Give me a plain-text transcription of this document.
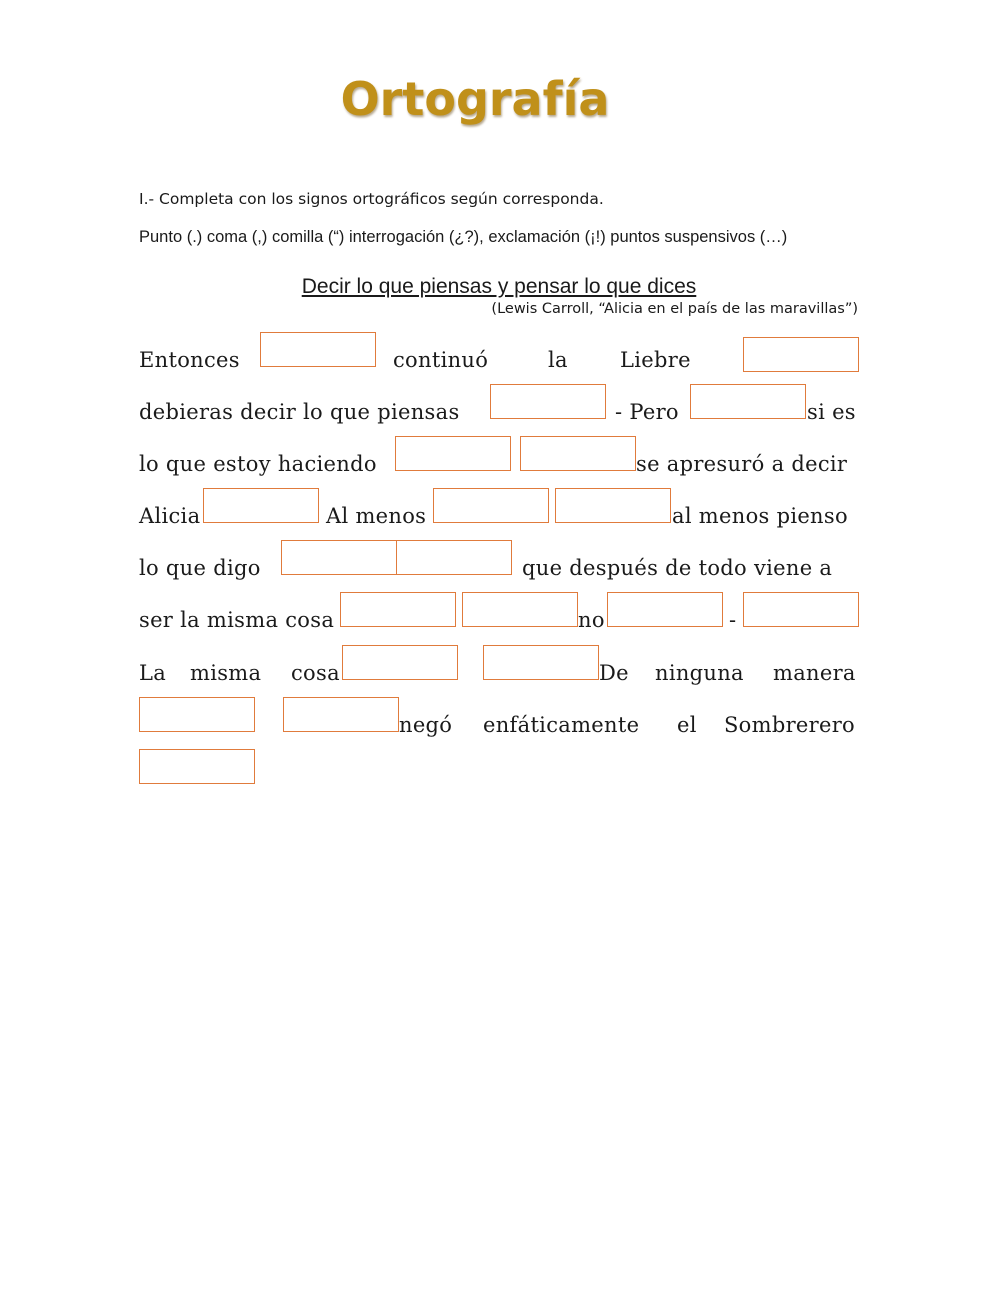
Ortografía
I.- Completa con los signos ortográficos según corresponda.
Punto (.) coma (,) comilla (“) interrogación (¿?), exclamación (¡!) puntos suspensivos (…)
Decir lo que piensas y pensar lo que dices
(Lewis Carroll, “Alicia en el país de las maravillas”)
Entonces	continuó	la Liebre
debieras decir lo que piensas	- Pero	si es
lo que estoy haciendo	se apresuró a decir
Alicia	Al menos	al menos pienso
lo que digo	que después de todo viene a
ser la misma cosa	no	-
La misma cosa	De ninguna manera
negó enfáticamente el Sombrerero
